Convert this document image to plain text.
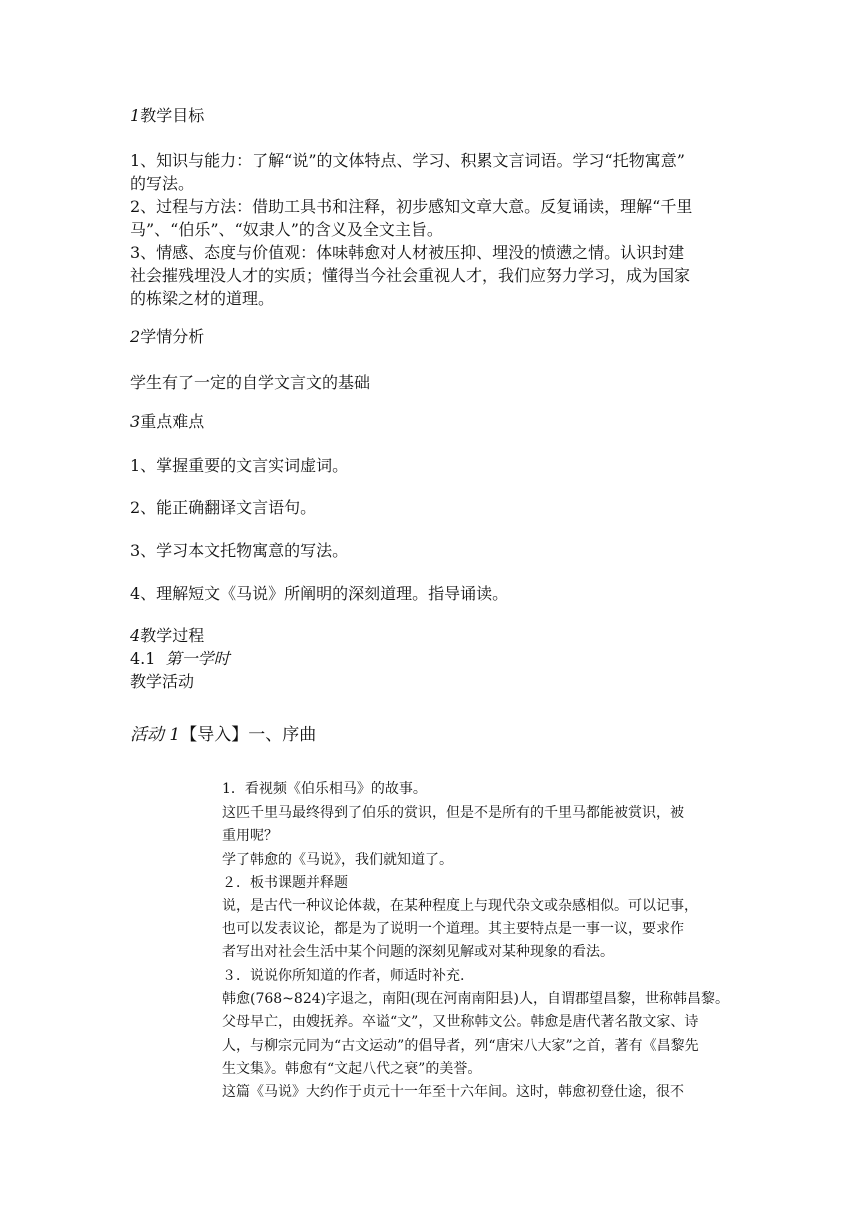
1教学目标
1、知识与能力：了解“说”的文体特点、学习、积累文言词语。学习“托物寓意”
的写法。
2、过程与方法：借助工具书和注释，初步感知文章大意。反复诵读，理解“千里
马”、“伯乐”、“奴隶人”的含义及全文主旨。
3、情感、态度与价值观：体味韩愈对人材被压抑、埋没的愤懑之情。认识封建
社会摧残埋没人才的实质；懂得当今社会重视人才，我们应努力学习，成为国家
的栋梁之材的道理。
2学情分析
学生有了一定的自学文言文的基础
3重点难点
1、掌握重要的文言实词虚词。
2、能正确翻译文言语句。
3、学习本文托物寓意的写法。
4、理解短文《马说》所阐明的深刻道理。指导诵读。
4教学过程
4.1 第一学时
教学活动
活动 1【导入】一、序曲
1．看视频《伯乐相马》的故事。
这匹千里马最终得到了伯乐的赏识，但是不是所有的千里马都能被赏识，被
重用呢？
学了韩愈的《马说》，我们就知道了。
２．板书课题并释题
说，是古代一种议论体裁，在某种程度上与现代杂文或杂感相似。可以记事，
也可以发表议论，都是为了说明一个道理。其主要特点是一事一议，要求作
者写出对社会生活中某个问题的深刻见解或对某种现象的看法。
３．说说你所知道的作者，师适时补充.
韩愈(768~824)字退之，南阳(现在河南南阳县)人，自谓郡望昌黎，世称韩昌黎。
父母早亡，由嫂抚养。卒谥“文”，又世称韩文公。韩愈是唐代著名散文家、诗
人，与柳宗元同为“古文运动”的倡导者，列“唐宋八大家”之首，著有《昌黎先
生文集》。韩愈有“文起八代之衰”的美誉。
这篇《马说》大约作于贞元十一年至十六年间。这时，韩愈初登仕途，很不
